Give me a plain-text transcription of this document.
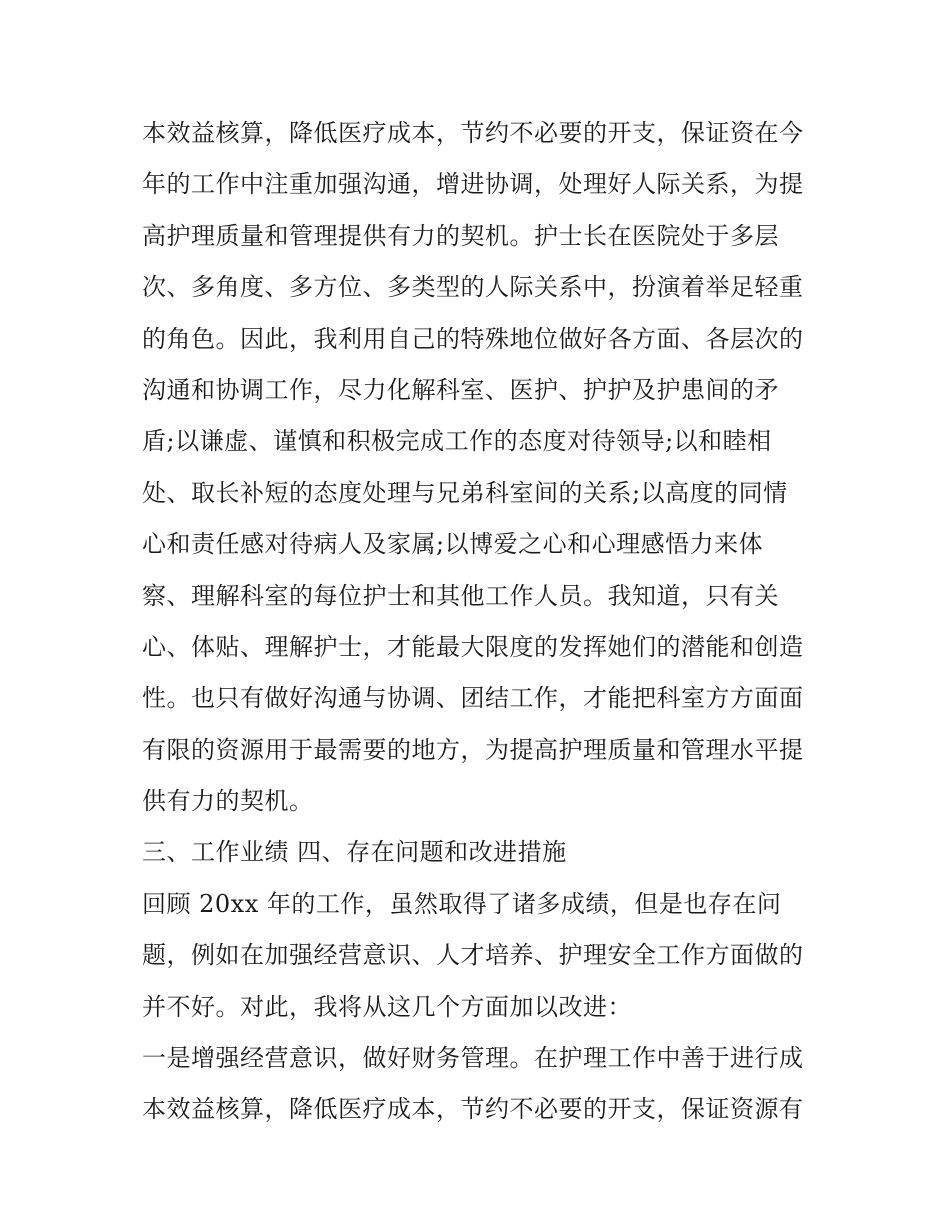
本效益核算，降低医疗成本，节约不必要的开支，保证资在今
年的工作中注重加强沟通，增进协调，处理好人际关系，为提
高护理质量和管理提供有力的契机。护士长在医院处于多层
次、多角度、多方位、多类型的人际关系中，扮演着举足轻重
的角色。因此，我利用自己的特殊地位做好各方面、各层次的
沟通和协调工作，尽力化解科室、医护、护护及护患间的矛
盾;以谦虚、谨慎和积极完成工作的态度对待领导;以和睦相
处、取长补短的态度处理与兄弟科室间的关系;以高度的同情
心和责任感对待病人及家属;以博爱之心和心理感悟力来体
察、理解科室的每位护士和其他工作人员。我知道，只有关
心、体贴、理解护士，才能最大限度的发挥她们的潜能和创造
性。也只有做好沟通与协调、团结工作，才能把科室方方面面
有限的资源用于最需要的地方，为提高护理质量和管理水平提
供有力的契机。
三、工作业绩 四、存在问题和改进措施
回顾 20xx 年的工作，虽然取得了诸多成绩，但是也存在问
题，例如在加强经营意识、人才培养、护理安全工作方面做的
并不好。对此，我将从这几个方面加以改进：
一是增强经营意识，做好财务管理。在护理工作中善于进行成
本效益核算，降低医疗成本，节约不必要的开支，保证资源有
